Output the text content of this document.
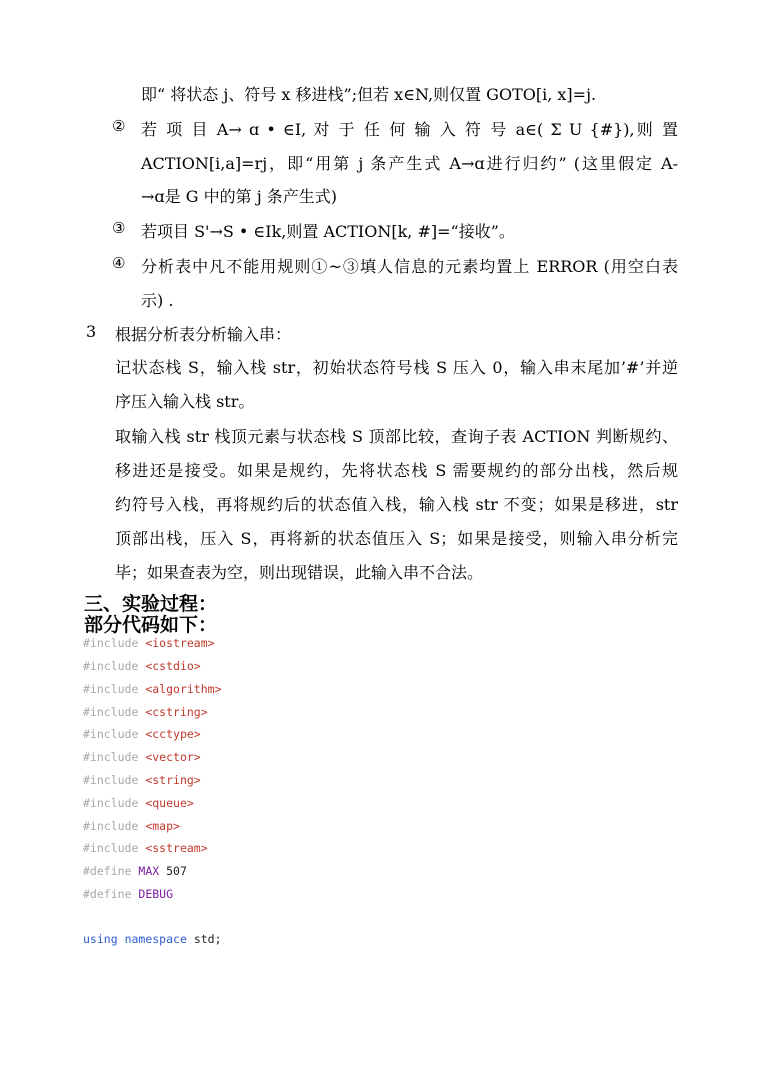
即“ 将状态 j、符号 x 移进栈”;但若 x∈N,则仅置 GOTO[i, x]=j.
② 若 项 目 A→ ɑ • ∈I, 对 于 任 何 输 入 符 号 a∈( Σ U {#}),则 置
ACTION[i,a]=rj，即“用第 j 条产生式 A→ɑ进行归约” (这里假定 A-
→ɑ是 G 中的第 j 条产生式)
③ 若项目 S'→S • ∈Ik,则置 ACTION[k, #]=“接收”。
④ 分析表中凡不能用规则①~③填人信息的元素均置上 ERROR (用空白表
示) .
3 根据分析表分析输入串：
记状态栈 S，输入栈 str，初始状态符号栈 S 压入 0，输入串末尾加’#’并逆
序压入输入栈 str。
取输入栈 str 栈顶元素与状态栈 S 顶部比较，查询子表 ACTION 判断规约、
移进还是接受。如果是规约，先将状态栈 S 需要规约的部分出栈，然后规
约符号入栈，再将规约后的状态值入栈，输入栈 str 不变；如果是移进，str
顶部出栈，压入 S，再将新的状态值压入 S；如果是接受，则输入串分析完
毕；如果查表为空，则出现错误，此输入串不合法。
三、实验过程：
部分代码如下：
#include <iostream>
#include <cstdio>
#include <algorithm>
#include <cstring>
#include <cctype>
#include <vector>
#include <string>
#include <queue>
#include <map>
#include <sstream>
#define MAX 507
#define DEBUG
using namespace std;
